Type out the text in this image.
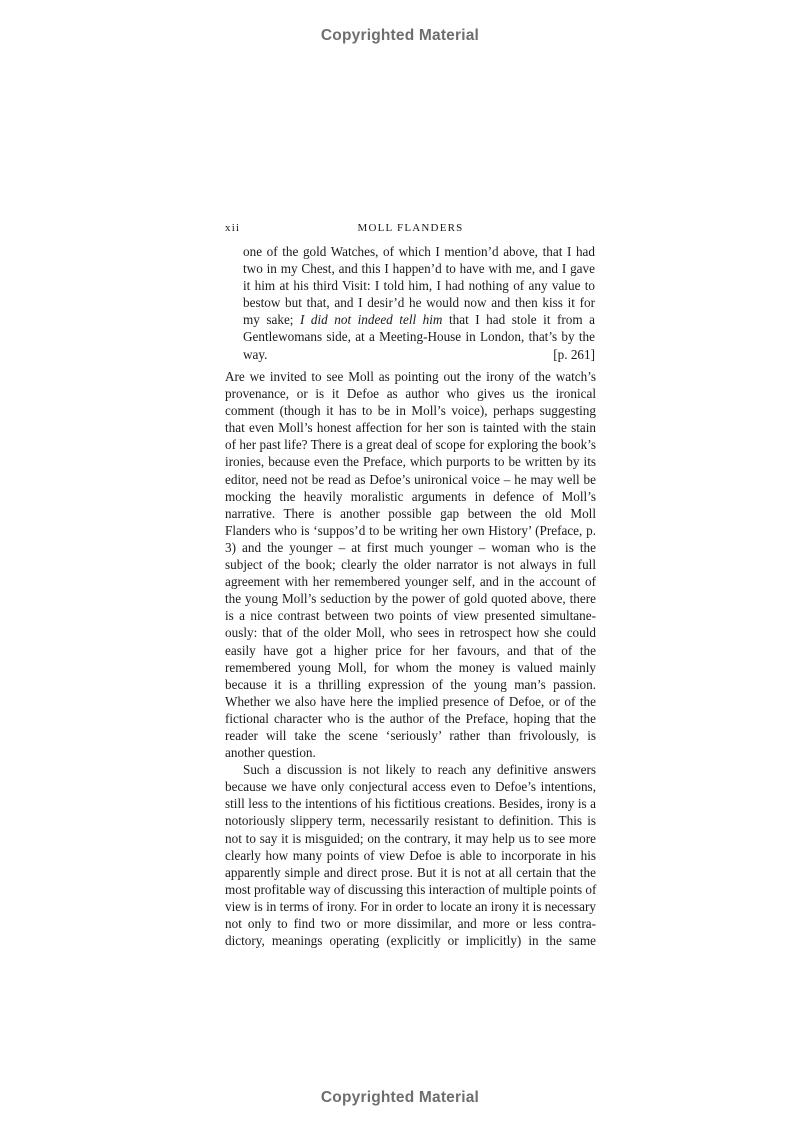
Copyrighted Material
xii	MOLL FLANDERS
one of the gold Watches, of which I mention’d above, that I had
two in my Chest, and this I happen’d to have with me, and I gave
it him at his third Visit: I told him, I had nothing of any value to
bestow but that, and I desir’d he would now and then kiss it for
my sake; I did not indeed tell him that I had stole it from a
Gentlewomans side, at a Meeting-House in London, that’s by the
way.	[p. 261]
Are we invited to see Moll as pointing out the irony of the watch’s
provenance, or is it Defoe as author who gives us the ironical
comment (though it has to be in Moll’s voice), perhaps suggesting
that even Moll’s honest affection for her son is tainted with the stain
of her past life? There is a great deal of scope for exploring the book’s
ironies, because even the Preface, which purports to be written by its
editor, need not be read as Defoe’s unironical voice – he may well be
mocking the heavily moralistic arguments in defence of Moll’s
narrative. There is another possible gap between the old Moll
Flanders who is ‘suppos’d to be writing her own History’ (Preface, p.
3) and the younger – at first much younger – woman who is the
subject of the book; clearly the older narrator is not always in full
agreement with her remembered younger self, and in the account of
the young Moll’s seduction by the power of gold quoted above, there
is a nice contrast between two points of view presented simultane-
ously: that of the older Moll, who sees in retrospect how she could
easily have got a higher price for her favours, and that of the
remembered young Moll, for whom the money is valued mainly
because it is a thrilling expression of the young man’s passion.
Whether we also have here the implied presence of Defoe, or of the
fictional character who is the author of the Preface, hoping that the
reader will take the scene ‘seriously’ rather than frivolously, is
another question.
Such a discussion is not likely to reach any definitive answers
because we have only conjectural access even to Defoe’s intentions,
still less to the intentions of his fictitious creations. Besides, irony is a
notoriously slippery term, necessarily resistant to definition. This is
not to say it is misguided; on the contrary, it may help us to see more
clearly how many points of view Defoe is able to incorporate in his
apparently simple and direct prose. But it is not at all certain that the
most profitable way of discussing this interaction of multiple points of
view is in terms of irony. For in order to locate an irony it is necessary
not only to find two or more dissimilar, and more or less contra-
dictory, meanings operating (explicitly or implicitly) in the same
Copyrighted Material
